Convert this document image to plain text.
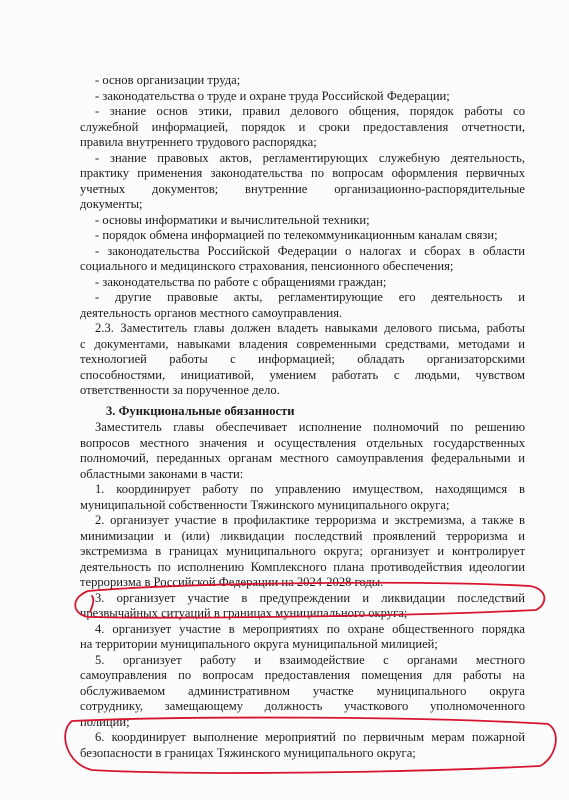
- основ организации труда;
- законодательства о труде и охране труда Российской Федерации;
- знание основ этики, правил делового общения, порядок работы со
служебной информацией, порядок и сроки предоставления отчетности,
правила внутреннего трудового распорядка;
- знание правовых актов, регламентирующих служебную деятельность,
практику применения законодательства по вопросам оформления первичных
учетных документов; внутренние организационно-распорядительные
документы;
- основы информатики и вычислительной техники;
- порядок обмена информацией по телекоммуникационным каналам связи;
- законодательства Российской Федерации о налогах и сборах в области
социального и медицинского страхования, пенсионного обеспечения;
- законодательства по работе с обращениями граждан;
- другие правовые акты, регламентирующие его деятельность и
деятельность органов местного самоуправления.
2.3. Заместитель главы должен владеть навыками делового письма, работы
с документами, навыками владения современными средствами, методами и
технологией работы с информацией; обладать организаторскими
способностями, инициативой, умением работать с людьми, чувством
ответственности за порученное дело.
3. Функциональные обязанности
Заместитель главы обеспечивает исполнение полномочий по решению
вопросов местного значения и осуществления отдельных государственных
полномочий, переданных органам местного самоуправления федеральными и
областными законами в части:
1. координирует работу по управлению имуществом, находящимся в
муниципальной собственности Тяжинского муниципального округа;
2. организует участие в профилактике терроризма и экстремизма, а также в
минимизации и (или) ликвидации последствий проявлений терроризма и
экстремизма в границах муниципального округа; организует и контролирует
деятельность по исполнению Комплексного плана противодействия идеологии
терроризма в Российской Федерации на 2024-2028 годы.
3. организует участие в предупреждении и ликвидации последствий
чрезвычайных ситуаций в границах муниципального округа;
4. организует участие в мероприятиях по охране общественного порядка
на территории муниципального округа муниципальной милицией;
5. организует работу и взаимодействие с органами местного
самоуправления по вопросам предоставления помещения для работы на
обслуживаемом административном участке муниципального округа
сотруднику, замещающему должность участкового уполномоченного
полиции;
6. координирует выполнение мероприятий по первичным мерам пожарной
безопасности в границах Тяжинского муниципального округа;
